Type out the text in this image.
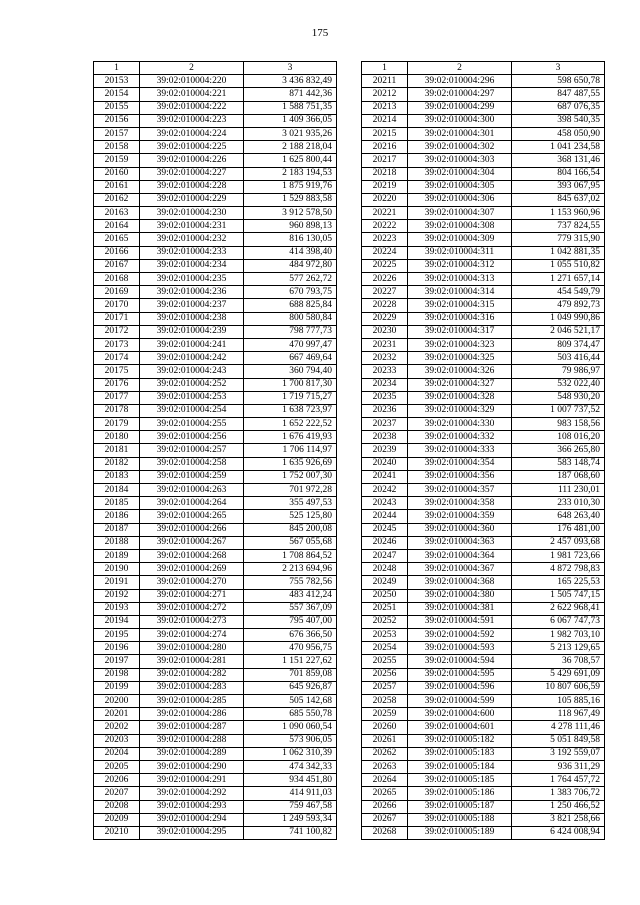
175
1	2	3
20153	39:02:010004:220	3 436 832,49
20154	39:02:010004:221	871 442,36
20155	39:02:010004:222	1 588 751,35
20156	39:02:010004:223	1 409 366,05
20157	39:02:010004:224	3 021 935,26
20158	39:02:010004:225	2 188 218,04
20159	39:02:010004:226	1 625 800,44
20160	39:02:010004:227	2 183 194,53
20161	39:02:010004:228	1 875 919,76
20162	39:02:010004:229	1 529 883,58
20163	39:02:010004:230	3 912 578,50
20164	39:02:010004:231	960 898,13
20165	39:02:010004:232	816 130,05
20166	39:02:010004:233	414 398,40
20167	39:02:010004:234	484 972,80
20168	39:02:010004:235	577 262,72
20169	39:02:010004:236	670 793,75
20170	39:02:010004:237	688 825,84
20171	39:02:010004:238	800 580,84
20172	39:02:010004:239	798 777,73
20173	39:02:010004:241	470 997,47
20174	39:02:010004:242	667 469,64
20175	39:02:010004:243	360 794,40
20176	39:02:010004:252	1 700 817,30
20177	39:02:010004:253	1 719 715,27
20178	39:02:010004:254	1 638 723,97
20179	39:02:010004:255	1 652 222,52
20180	39:02:010004:256	1 676 419,93
20181	39:02:010004:257	1 706 114,97
20182	39:02:010004:258	1 635 926,69
20183	39:02:010004:259	1 752 007,30
20184	39:02:010004:263	701 972,28
20185	39:02:010004:264	355 497,53
20186	39:02:010004:265	525 125,80
20187	39:02:010004:266	845 200,08
20188	39:02:010004:267	567 055,68
20189	39:02:010004:268	1 708 864,52
20190	39:02:010004:269	2 213 694,96
20191	39:02:010004:270	755 782,56
20192	39:02:010004:271	483 412,24
20193	39:02:010004:272	557 367,09
20194	39:02:010004:273	795 407,00
20195	39:02:010004:274	676 366,50
20196	39:02:010004:280	470 956,75
20197	39:02:010004:281	1 151 227,62
20198	39:02:010004:282	701 859,08
20199	39:02:010004:283	645 926,87
20200	39:02:010004:285	505 142,68
20201	39:02:010004:286	685 550,78
20202	39:02:010004:287	1 090 060,54
20203	39:02:010004:288	573 906,05
20204	39:02:010004:289	1 062 310,39
20205	39:02:010004:290	474 342,33
20206	39:02:010004:291	934 451,80
20207	39:02:010004:292	414 911,03
20208	39:02:010004:293	759 467,58
20209	39:02:010004:294	1 249 593,34
20210	39:02:010004:295	741 100,82
1	2	3
20211	39:02:010004:296	598 650,78
20212	39:02:010004:297	847 487,55
20213	39:02:010004:299	687 076,35
20214	39:02:010004:300	398 540,35
20215	39:02:010004:301	458 050,90
20216	39:02:010004:302	1 041 234,58
20217	39:02:010004:303	368 131,46
20218	39:02:010004:304	804 166,54
20219	39:02:010004:305	393 067,95
20220	39:02:010004:306	845 637,02
20221	39:02:010004:307	1 153 960,96
20222	39:02:010004:308	737 824,55
20223	39:02:010004:309	779 315,90
20224	39:02:010004:311	1 042 881,35
20225	39:02:010004:312	1 055 510,82
20226	39:02:010004:313	1 271 657,14
20227	39:02:010004:314	454 549,79
20228	39:02:010004:315	479 892,73
20229	39:02:010004:316	1 049 990,86
20230	39:02:010004:317	2 046 521,17
20231	39:02:010004:323	809 374,47
20232	39:02:010004:325	503 416,44
20233	39:02:010004:326	79 986,97
20234	39:02:010004:327	532 022,40
20235	39:02:010004:328	548 930,20
20236	39:02:010004:329	1 007 737,52
20237	39:02:010004:330	983 158,56
20238	39:02:010004:332	108 016,20
20239	39:02:010004:333	366 265,80
20240	39:02:010004:354	583 148,74
20241	39:02:010004:356	187 068,60
20242	39:02:010004:357	111 230,01
20243	39:02:010004:358	233 010,30
20244	39:02:010004:359	648 263,40
20245	39:02:010004:360	176 481,00
20246	39:02:010004:363	2 457 093,68
20247	39:02:010004:364	1 981 723,66
20248	39:02:010004:367	4 872 798,83
20249	39:02:010004:368	165 225,53
20250	39:02:010004:380	1 505 747,15
20251	39:02:010004:381	2 622 968,41
20252	39:02:010004:591	6 067 747,73
20253	39:02:010004:592	1 982 703,10
20254	39:02:010004:593	5 213 129,65
20255	39:02:010004:594	36 708,57
20256	39:02:010004:595	5 429 691,09
20257	39:02:010004:596	10 807 606,59
20258	39:02:010004:599	105 885,16
20259	39:02:010004:600	118 967,49
20260	39:02:010004:601	4 278 111,46
20261	39:02:010005:182	5 051 849,58
20262	39:02:010005:183	3 192 559,07
20263	39:02:010005:184	936 311,29
20264	39:02:010005:185	1 764 457,72
20265	39:02:010005:186	1 383 706,72
20266	39:02:010005:187	1 250 466,52
20267	39:02:010005:188	3 821 258,66
20268	39:02:010005:189	6 424 008,94
